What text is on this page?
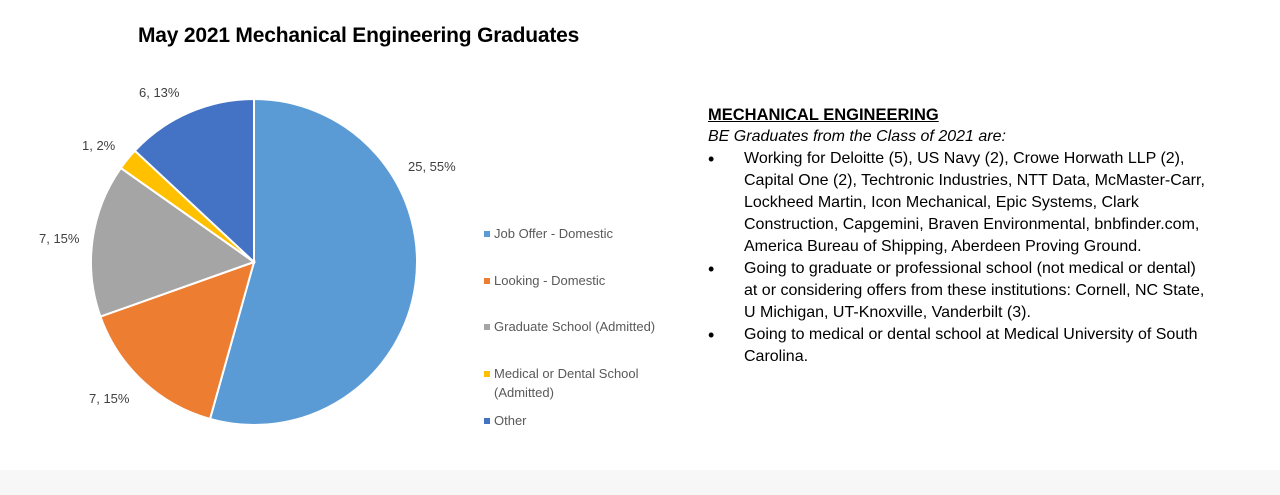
May 2021 Mechanical Engineering Graduates
25, 55%
7, 15%
7, 15%
1, 2%
6, 13%
Job Offer - Domestic
Looking - Domestic
Graduate School (Admitted)
Medical or Dental School
(Admitted)
Other
MECHANICAL ENGINEERING
BE Graduates from the Class of 2021 are:
• Working for Deloitte (5), US Navy (2), Crowe Horwath LLP (2),
Capital One (2), Techtronic Industries, NTT Data, McMaster-Carr,
Lockheed Martin, Icon Mechanical, Epic Systems, Clark
Construction, Capgemini, Braven Environmental, bnbfinder.com,
America Bureau of Shipping, Aberdeen Proving Ground.
• Going to graduate or professional school (not medical or dental)
at or considering offers from these institutions: Cornell, NC State,
U Michigan, UT-Knoxville, Vanderbilt (3).
• Going to medical or dental school at Medical University of South
Carolina.
